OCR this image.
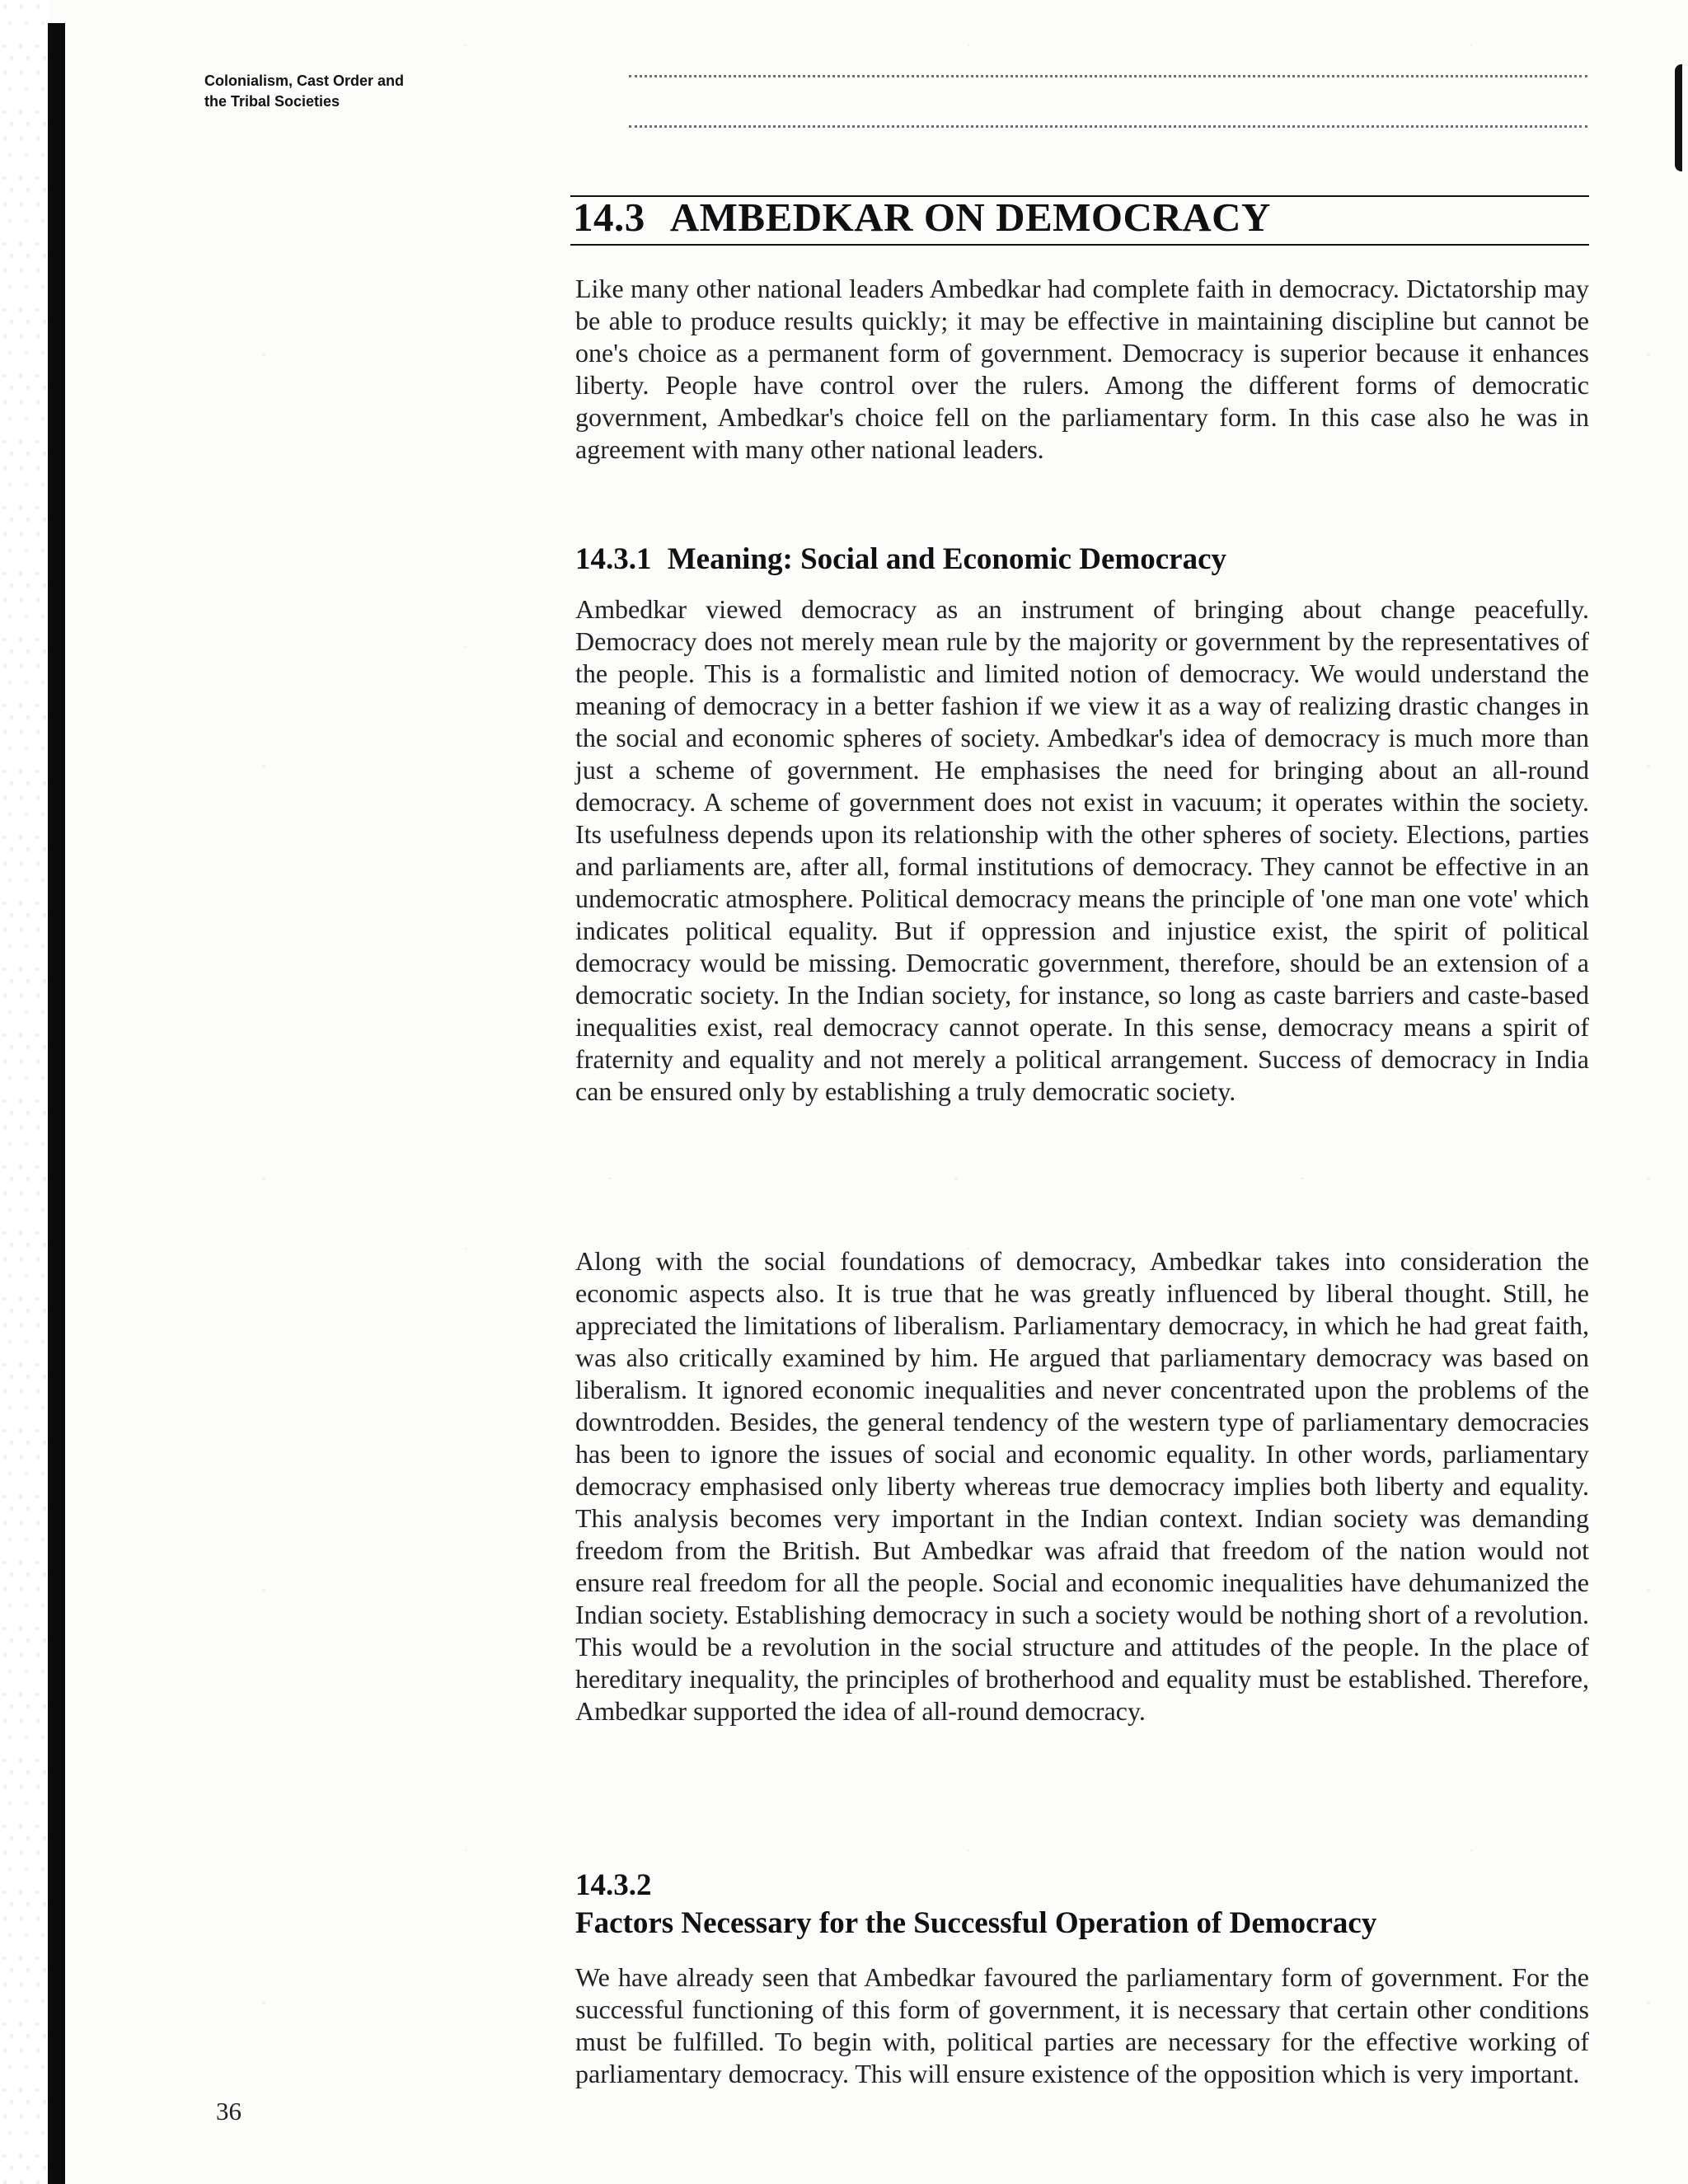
Colonialism, Cast Order and
the Tribal Societies
14.3 AMBEDKAR ON DEMOCRACY

Like many other national leaders Ambedkar had complete faith in democracy. Dictatorship may be able to produce results quickly; it may be effective in maintaining discipline but cannot be one's choice as a permanent form of government. Democracy is superior because it enhances liberty. People have control over the rulers. Among the different forms of democratic government, Ambedkar's choice fell on the parliamentary form. In this case also he was in agreement with many other national leaders.

14.3.1 Meaning: Social and Economic Democracy

Ambedkar viewed democracy as an instrument of bringing about change peacefully. Democracy does not merely mean rule by the majority or government by the representatives of the people. This is a formalistic and limited notion of democracy. We would understand the meaning of democracy in a better fashion if we view it as a way of realizing drastic changes in the social and economic spheres of society. Ambedkar's idea of democracy is much more than just a scheme of government. He emphasises the need for bringing about an all-round democracy. A scheme of government does not exist in vacuum; it operates within the society. Its usefulness depends upon its relationship with the other spheres of society. Elections, parties and parliaments are, after all, formal institutions of democracy. They cannot be effective in an undemocratic atmosphere. Political democracy means the principle of 'one man one vote' which indicates political equality. But if oppression and injustice exist, the spirit of political democracy would be missing. Democratic government, therefore, should be an extension of a democratic society. In the Indian society, for instance, so long as caste barriers and caste-based inequalities exist, real democracy cannot operate. In this sense, democracy means a spirit of fraternity and equality and not merely a political arrangement. Success of democracy in India can be ensured only by establishing a truly democratic society.

Along with the social foundations of democracy, Ambedkar takes into consideration the economic aspects also. It is true that he was greatly influenced by liberal thought. Still, he appreciated the limitations of liberalism. Parliamentary democracy, in which he had great faith, was also critically examined by him. He argued that parliamentary democracy was based on liberalism. It ignored economic inequalities and never concentrated upon the problems of the downtrodden. Besides, the general tendency of the western type of parliamentary democracies has been to ignore the issues of social and economic equality. In other words, parliamentary democracy emphasised only liberty whereas true democracy implies both liberty and equality. This analysis becomes very important in the Indian context. Indian society was demanding freedom from the British. But Ambedkar was afraid that freedom of the nation would not ensure real freedom for all the people. Social and economic inequalities have dehumanized the Indian society. Establishing democracy in such a society would be nothing short of a revolution. This would be a revolution in the social structure and attitudes of the people. In the place of hereditary inequality, the principles of brotherhood and equality must be established. Therefore, Ambedkar supported the idea of all-round democracy.

14.3.2 Factors Necessary for the Successful Operation of Democracy

We have already seen that Ambedkar favoured the parliamentary form of government. For the successful functioning of this form of government, it is necessary that certain other conditions must be fulfilled. To begin with, political parties are necessary for the effective working of parliamentary democracy. This will ensure existence of the opposition which is very important.

36
